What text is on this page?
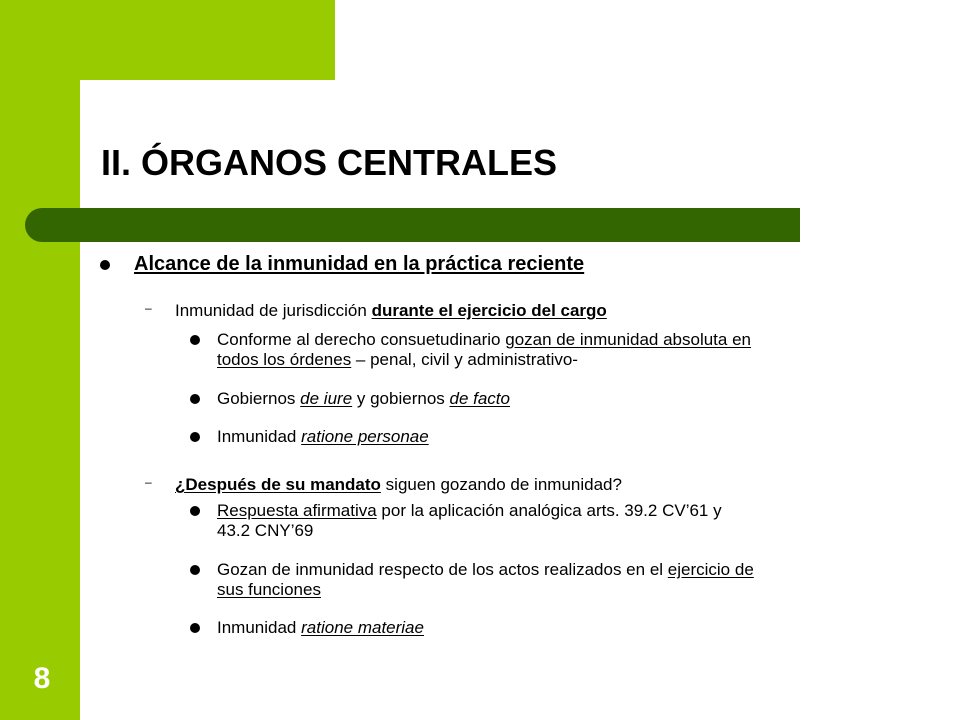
8
II. ÓRGANOS CENTRALES
Alcance de la inmunidad en la práctica reciente
– Inmunidad de jurisdicción durante el ejercicio del cargo
Conforme al derecho consuetudinario gozan de inmunidad absoluta en
todos los órdenes – penal, civil y administrativo-
Gobiernos de iure y gobiernos de facto
Inmunidad ratione personae
– ¿Después de su mandato siguen gozando de inmunidad?
Respuesta afirmativa por la aplicación analógica arts. 39.2 CV’61 y
43.2 CNY’69
Gozan de inmunidad respecto de los actos realizados en el ejercicio de
sus funciones
Inmunidad ratione materiae
